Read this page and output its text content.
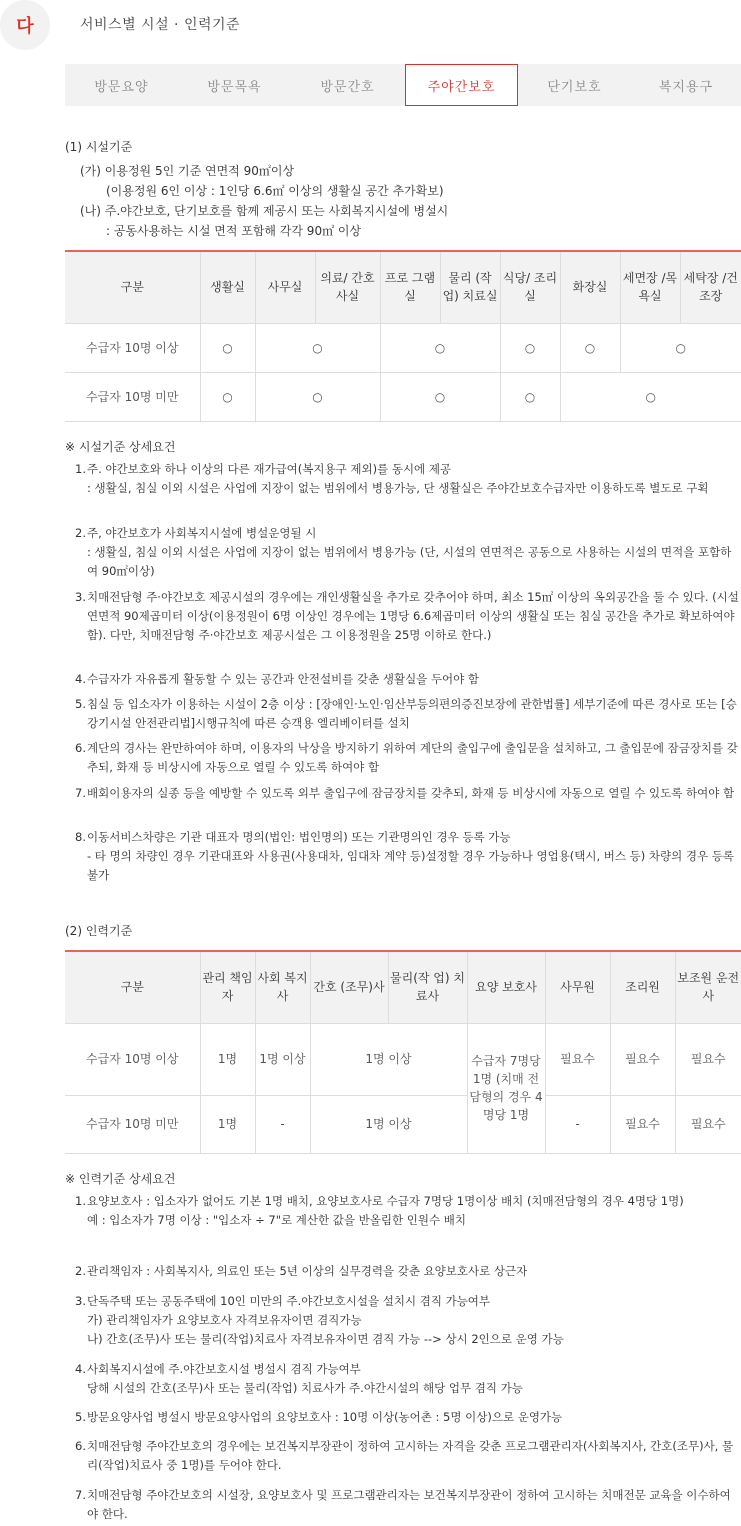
다	서비스별 시설 · 인력기준
방문요양	방문목욕	방문간호	주야간보호	단기보호	복지용구
(1) 시설기준
(가) 이용정원 5인 기준 연면적 90㎡이상
(이용정원 6인 이상 : 1인당 6.6㎡ 이상의 생활실 공간 추가확보)
(나) 주.야간보호, 단기보호를 함께 제공시 또는 사회복지시설에 병설시
: 공동사용하는 시설 면적 포함해 각각 90㎡ 이상
구분	생활실	사무실	의료/ 간호사실	프로 그램실	물리 (작업) 치료실	식당/ 조리실	화장실	세면장 /목욕실	세탁장 /건조장
수급자 10명 이상	○	○		○		○	○	○	
수급자 10명 미만	○	○		○		○	○		
※ 시설기준 상세요건
1. 주. 야간보호와 하나 이상의 다른 재가급여(복지용구 제외)를 동시에 제공
: 생활실, 침실 이외 시설은 사업에 지장이 없는 범위에서 병용가능, 단 생활실은 주야간보호수급자만 이용하도록 별도로 구획
2. 주, 야간보호가 사회복지시설에 병설운영될 시
: 생활실, 침실 이외 시설은 사업에 지장이 없는 범위에서 병용가능 (단, 시설의 연면적은 공동으로 사용하는 시설의 면적을 포함하여 90㎡이상)
3. 치매전담형 주·야간보호 제공시설의 경우에는 개인생활실을 추가로 갖추어야 하며, 최소 15㎡ 이상의 옥외공간을 둘 수 있다. (시설 연면적 90제곱미터 이상(이용정원이 6명 이상인 경우에는 1명당 6.6제곱미터 이상의 생활실 또는 침실 공간을 추가로 확보하여야 함). 다만, 치매전담형 주·야간보호 제공시설은 그 이용정원을 25명 이하로 한다.)
4. 수급자가 자유롭게 활동할 수 있는 공간과 안전설비를 갖춘 생활실을 두어야 함
5. 침실 등 입소자가 이용하는 시설이 2층 이상 : [장애인·노인·임산부등의편의증진보장에 관한법률] 세부기준에 따른 경사로 또는 [승강기시설 안전관리법]시행규칙에 따른 승객용 엘리베이터를 설치
6. 계단의 경사는 완만하여야 하며, 이용자의 낙상을 방지하기 위하여 계단의 출입구에 출입문을 설치하고, 그 출입문에 잠금장치를 갖추되, 화재 등 비상시에 자동으로 열릴 수 있도록 하여야 함
7. 배회이용자의 실종 등을 예방할 수 있도록 외부 출입구에 잠금장치를 갖추되, 화재 등 비상시에 자동으로 열릴 수 있도록 하여야 함
8. 이동서비스차량은 기관 대표자 명의(법인: 법인명의) 또는 기관명의인 경우 등록 가능
- 타 명의 차량인 경우 기관대표와 사용권(사용대차, 임대차 계약 등)설정할 경우 가능하나 영업용(택시, 버스 등) 차량의 경우 등록 불가
(2) 인력기준
구분	관리 책임자	사회 복지사	간호 (조무)사	물리(작 업) 치료사	요양 보호사	사무원	조리원	보조원 운전사
수급자 10명 이상	1명	1명 이상	1명 이상		수급자 7명당 1명 (치매 전담형의 경우 4명당 1명	필요수	필요수	필요수
수급자 10명 미만	1명	-	1명 이상			-	필요수	필요수
※ 인력기준 상세요건
1. 요양보호사 : 입소자가 없어도 기본 1명 배치, 요양보호사로 수급자 7명당 1명이상 배치 (치매전담형의 경우 4명당 1명)
예 : 입소자가 7명 이상 : "입소자 ÷ 7"로 계산한 값을 반올림한 인원수 배치
2. 관리책임자 : 사회복지사, 의료인 또는 5년 이상의 실무경력을 갖춘 요양보호사로 상근자
3. 단독주택 또는 공동주택에 10인 미만의 주.야간보호시설을 설치시 겸직 가능여부
가) 관리책임자가 요양보호사 자격보유자이면 겸직가능
나) 간호(조무)사 또는 물리(작업)치료사 자격보유자이면 겸직 가능 --> 상시 2인으로 운영 가능
4. 사회복지시설에 주.야간보호시설 병설시 겸직 가능여부
당해 시설의 간호(조무)사 또는 물리(작업) 치료사가 주.야간시설의 해당 업무 겸직 가능
5. 방문요양사업 병설시 방문요양사업의 요양보호사 : 10명 이상(농어촌 : 5명 이상)으로 운영가능
6. 치매전담형 주야간보호의 경우에는 보건복지부장관이 정하여 고시하는 자격을 갖춘 프로그램관리자(사회복지사, 간호(조무)사, 물리(작업)치료사 중 1명)를 두어야 한다.
7. 치매전담형 주야간보호의 시설장, 요양보호사 및 프로그램관리자는 보건복지부장관이 정하여 고시하는 치매전문 교육을 이수하여야 한다.
